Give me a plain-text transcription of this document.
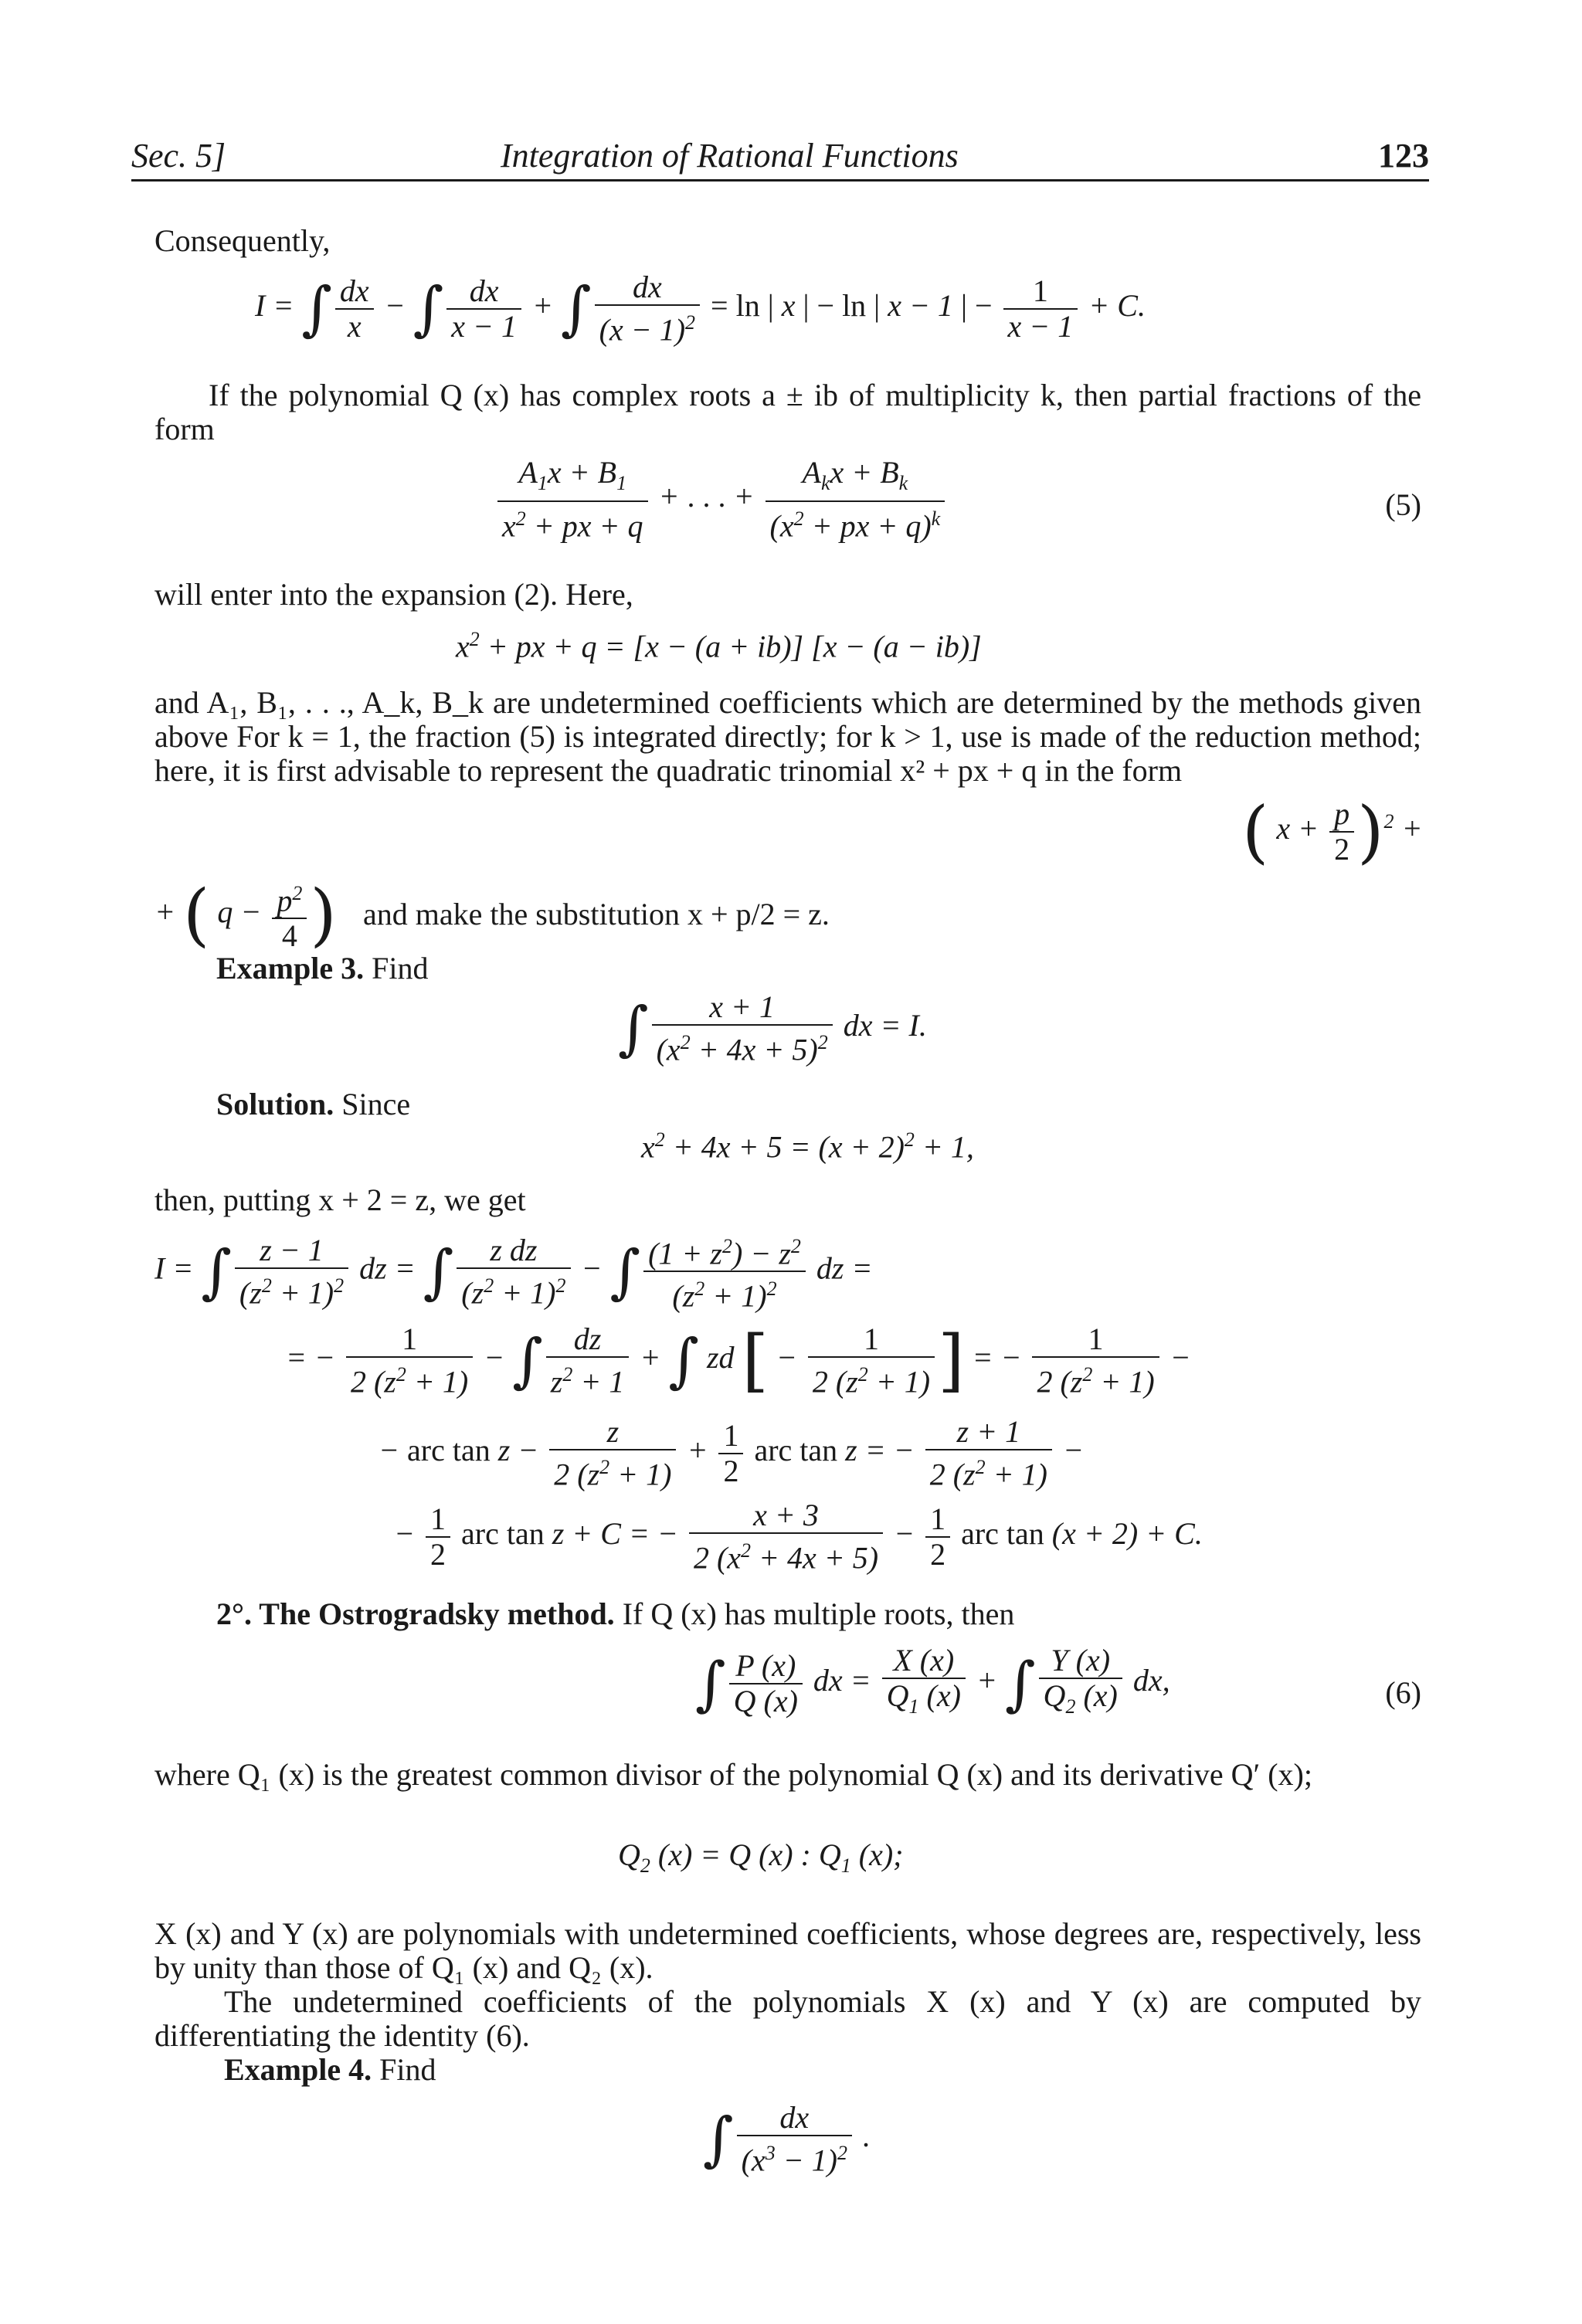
Sec. 5]	Integration of Rational Functions	123
Consequently,
I = ∫ $\frac{dx}{x}$ − ∫ $\frac{dx}{x - 1}$ + ∫ $\frac{dx}{(x - 1)^2} = \ln$ | x | − ln | x − 1 | − $\frac{1}{x - 1} + C$.
If the polynomial Q (x) has complex roots a ± ib of multiplicity k, then partial fractions of the form
$\frac{A_1x + B_1}{x^2 + px + q}$ + . . . + $\frac{A_kx + B_k}{(x^2 + px + q)^k}$	(5)
will enter into the expansion (2). Here,
$x^2$ + px + q = [x − (a + ib)] [x − (a − ib)]
and A₁, B₁, . . ., A_k, B_k are undetermined coefficients which are determined by the methods given above For k = 1, the fraction (5) is integrated directly; for k > 1, use is made of the reduction method; here, it is first advisable to represent the quadratic trinomial x² + px + q in the form
( $x + \frac{p}{2} )^2$ +
+ ( $q - \frac{p^2}{4}$ ) and make the substitution x + p/2 = z.
Example 3. Find
∫ $\frac{x + 1}{(x^2 + 4x + 5)^2}$ dx = I.
Solution. Since
$x^2 + 4x + 5 = (x + 2)^2 + 1$,
then, putting x + 2 = z, we get
I = ∫ $\frac{z - 1}{(z^2 + 1)^2}$ dz = ∫ $\frac{\text{z dz}}{(z^2 + 1)^2}$ − ∫ $\frac{(1 + z^2) - z^2}{(z^2 + 1)^2}$ dz =
= − $\frac{1}{2 (z^2 + 1)}$ − ∫ $\frac{dz}{z^2 + 1}$ + ∫ zd [ − $\frac{1}{2 (z^2 + 1)}$ ] = − $\frac{1}{2 (z^2 + 1)}$ −
− arc $\tan z - \frac{z}{2 (z^2 + 1)} + \frac{1}{2}$ arc tan z = − $\frac{z + 1}{2 (z^2 + 1)}$ −
− $\frac{1}{2}$ arc tan z + C = − $\frac{x + 3}{2 (x^2 + 4x + 5)} - \frac{1}{2}$ arc tan (x + 2) + C.
2°. The Ostrogradsky method. If Q (x) has multiple roots, then
∫ $\frac{P (x)}{Q (x)}$ dx = $\frac{X (x)}{Q_1 (x)}$ + ∫ $\frac{Y (x)}{Q_2 (x)}$ dx,	(6)
where Q₁ (x) is the greatest common divisor of the polynomial Q (x) and its derivative Q′ (x);
$Q_2$ (x) = Q (x) : $Q_1$ (x);
X (x) and Y (x) are polynomials with undetermined coefficients, whose degrees are, respectively, less by unity than those of Q₁ (x) and Q₂ (x).
The undetermined coefficients of the polynomials X (x) and Y (x) are computed by differentiating the identity (6).
Example 4. Find
∫ $\frac{dx}{(x^3 - 1)^2}$ .
